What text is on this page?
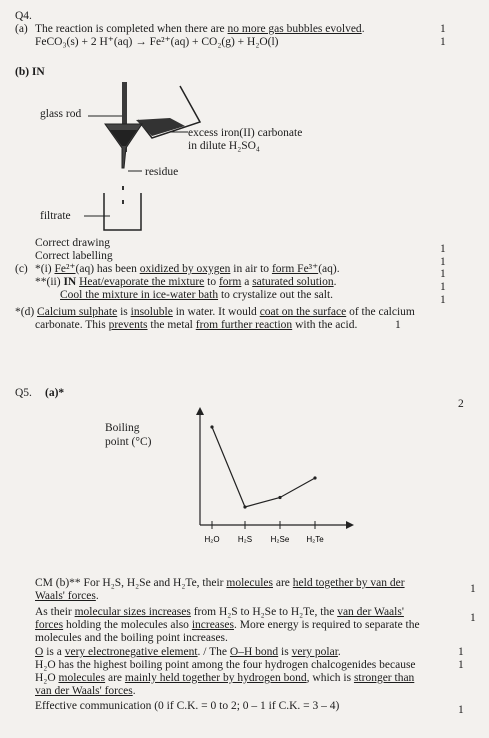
Q4.
(a) The reaction is completed when there are no more gas bubbles evolved.
FeCO₃(s) + 2 H⁺(aq) → Fe²⁺(aq) + CO₂(g) + H₂O(l)
1
1
(b) IN
glass rod
excess iron(II) carbonate
in dilute H₂SO₄
residue
filtrate
Correct drawing
Correct labelling
1
1
(c) *(i) Fe²⁺(aq) has been oxidized by oxygen in air to form Fe³⁺(aq).
**(ii) IN Heat/evaporate the mixture to form a saturated solution.
Cool the mixture in ice-water bath to crystalize out the salt.
1
1
1
*(d) Calcium sulphate is insoluble in water. It would coat on the surface of the calcium
carbonate. This prevents the metal from further reaction with the acid.	1
Q5. (a)*
2
Boiling
point (°C)
H₂O H₂S H₂Se H₂Te
CM (b)** For H₂S, H₂Se and H₂Te, their molecules are held together by van der
Waals' forces.
As their molecular sizes increases from H₂S to H₂Se to H₂Te, the van der Waals'
forces holding the molecules also increases. More energy is required to separate the
molecules and the boiling point increases.
O is a very electronegative element. / The O–H bond is very polar.
H₂O has the highest boiling point among the four hydrogen chalcogenides because
H₂O molecules are mainly held together by hydrogen bond, which is stronger than
van der Waals' forces.
Effective communication (0 if C.K. = 0 to 2; 0 – 1 if C.K. = 3 – 4)
1
1
1
1
1
